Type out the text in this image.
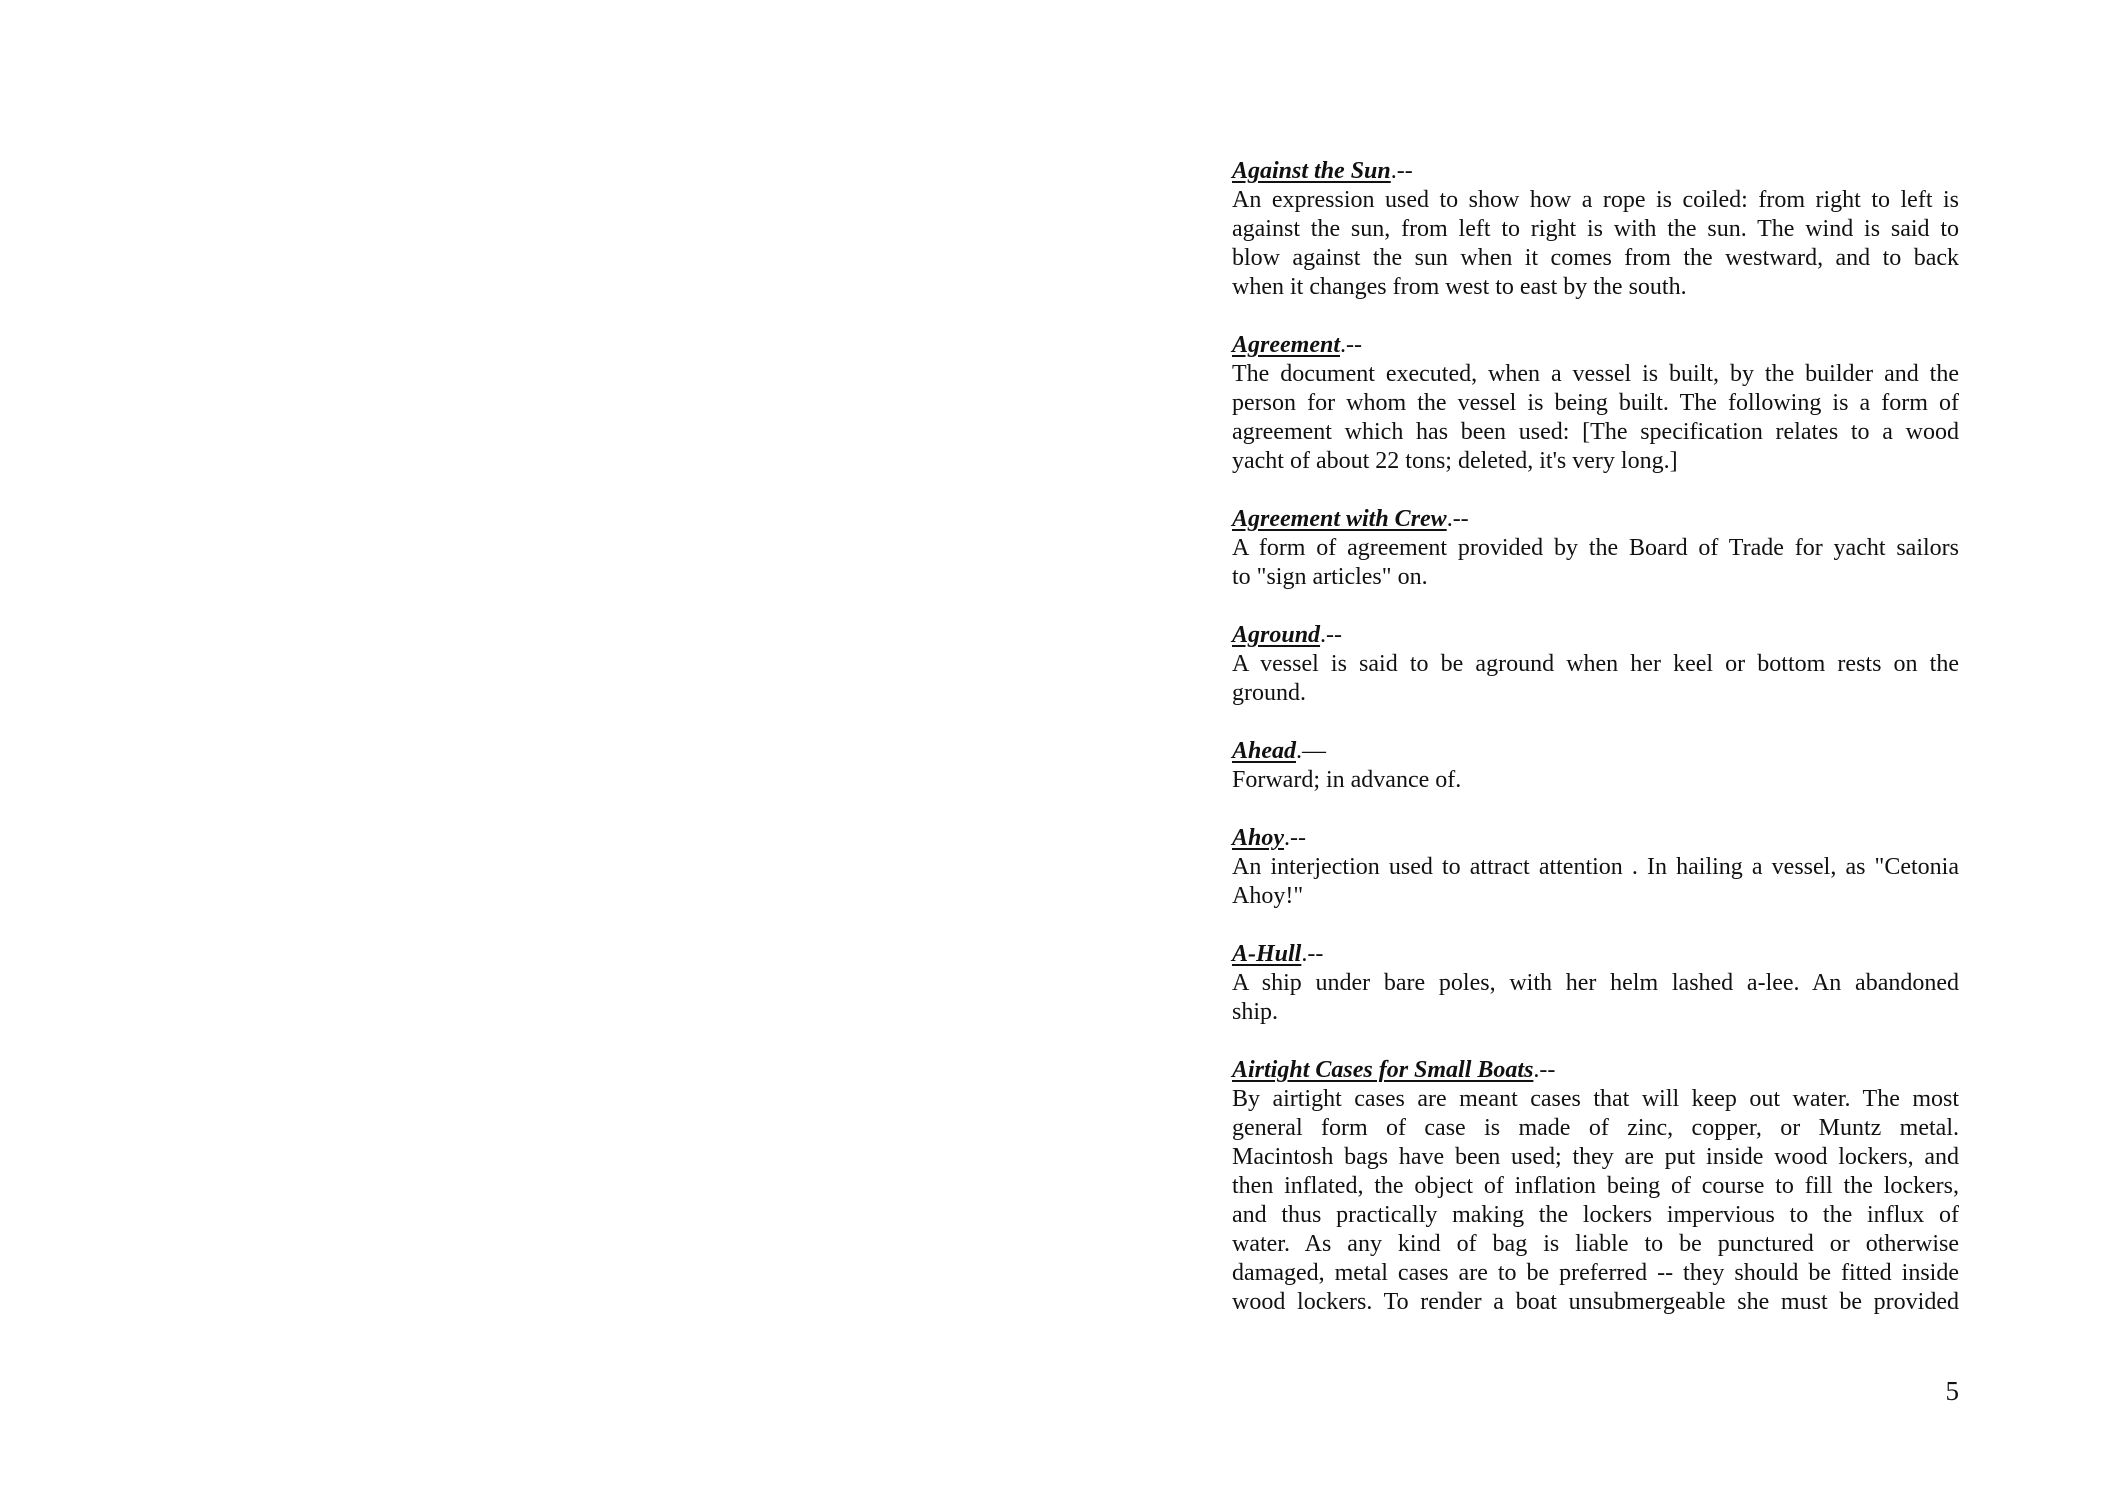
Against the Sun.--
An expression used to show how a rope is coiled: from right to left is
against the sun, from left to right is with the sun. The wind is said to
blow against the sun when it comes from the westward, and to back
when it changes from west to east by the south.
Agreement.--
The document executed, when a vessel is built, by the builder and the
person for whom the vessel is being built. The following is a form of
agreement which has been used: [The specification relates to a wood
yacht of about 22 tons; deleted, it's very long.]
Agreement with Crew.--
A form of agreement provided by the Board of Trade for yacht sailors
to "sign articles" on.
Aground.--
A vessel is said to be aground when her keel or bottom rests on the
ground.
Ahead.—
Forward; in advance of.
Ahoy.--
An interjection used to attract attention . In hailing a vessel, as "Cetonia
Ahoy!"
A-Hull.--
A ship under bare poles, with her helm lashed a-lee. An abandoned
ship.
Airtight Cases for Small Boats.--
By airtight cases are meant cases that will keep out water. The most
general form of case is made of zinc, copper, or Muntz metal.
Macintosh bags have been used; they are put inside wood lockers, and
then inflated, the object of inflation being of course to fill the lockers,
and thus practically making the lockers impervious to the influx of
water. As any kind of bag is liable to be punctured or otherwise
damaged, metal cases are to be preferred -- they should be fitted inside
wood lockers. To render a boat unsubmergeable she must be provided
5
